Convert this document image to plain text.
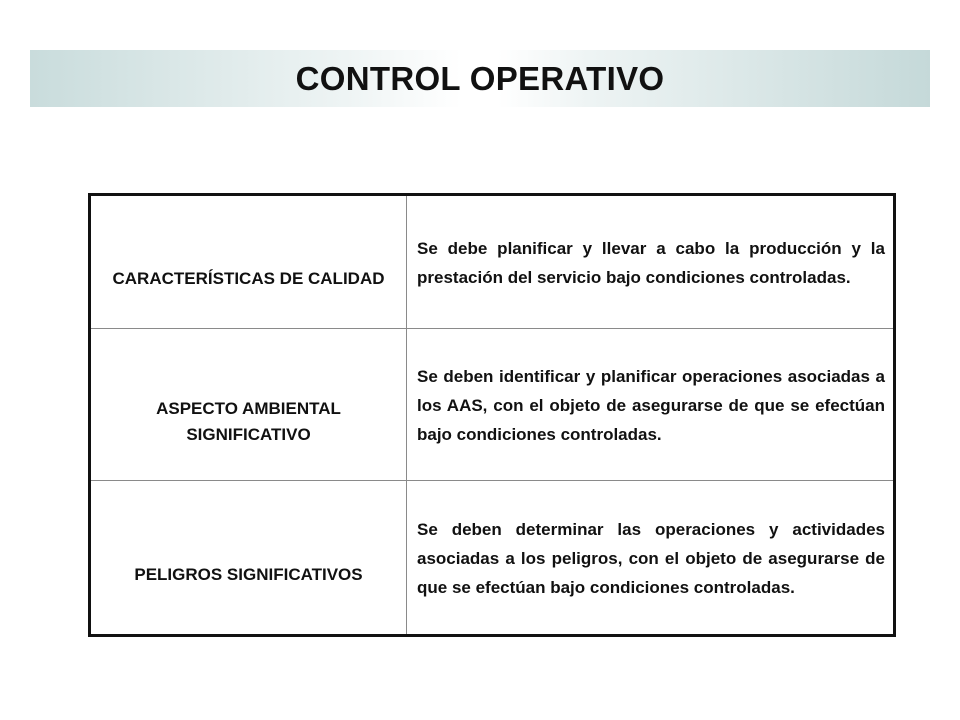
CONTROL OPERATIVO
CARACTERÍSTICAS DE CALIDAD	Se debe planificar y llevar a cabo la producción y la prestación del servicio bajo condiciones controladas.
ASPECTO AMBIENTAL SIGNIFICATIVO	Se deben identificar y planificar operaciones asociadas a los AAS, con el objeto de asegurarse de que se efectúan bajo condiciones controladas.
PELIGROS SIGNIFICATIVOS	Se deben determinar las operaciones y actividades asociadas a los peligros, con el objeto de asegurarse de que se efectúan bajo condiciones controladas.
